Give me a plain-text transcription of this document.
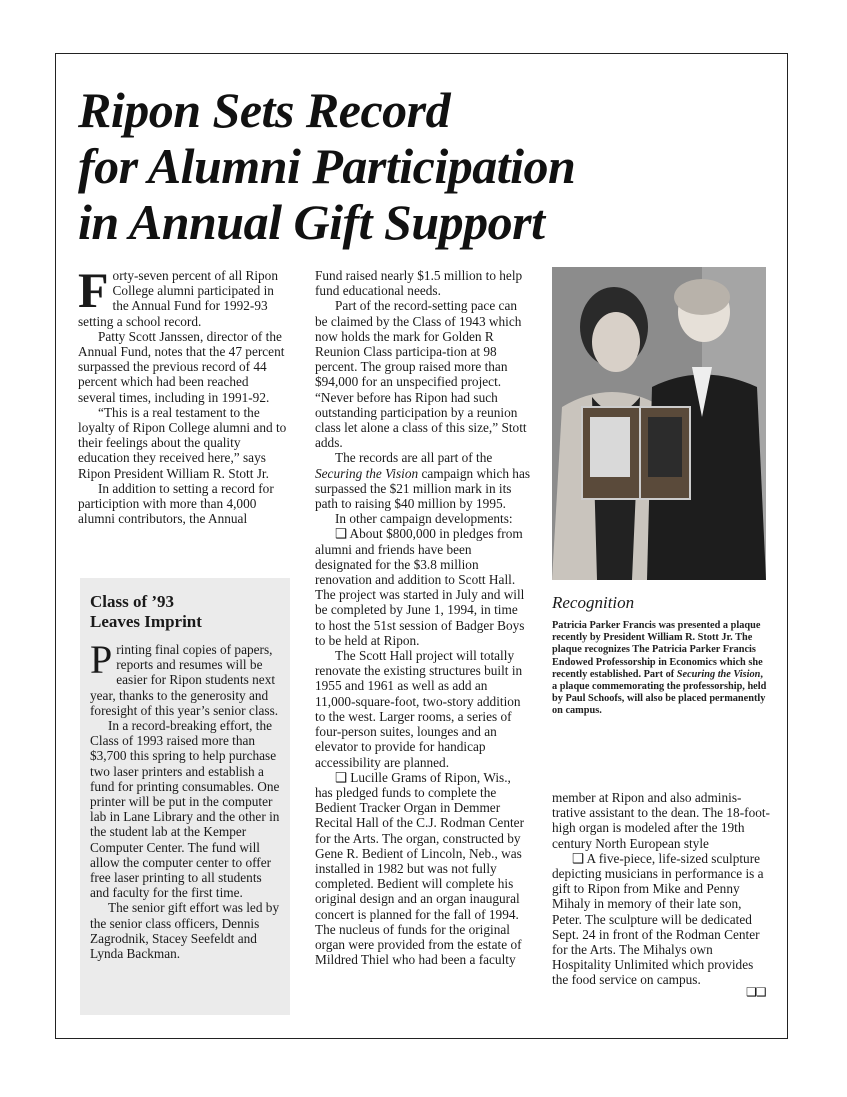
Ripon Sets Record
for Alumni Participation
in Annual Gift Support

Forty-seven percent of all Ripon College alumni participated in the Annual Fund for 1992-93 setting a school record.

Patty Scott Janssen, director of the Annual Fund, notes that the 47 percent surpassed the previous record of 44 percent which had been reached several times, including in 1991-92.

“This is a real testament to the loyalty of Ripon College alumni and to their feelings about the quality education they received here,” says Ripon President William R. Stott Jr.

In addition to setting a record for particiption with more than 4,000 alumni contributors, the Annual

Class of ’93
Leaves Imprint

Printing final copies of papers, reports and resumes will be easier for Ripon students next year, thanks to the generosity and foresight of this year’s senior class.

In a record-breaking effort, the Class of 1993 raised more than $3,700 this spring to help purchase two laser printers and establish a fund for printing consumables. One printer will be put in the computer lab in Lane Library and the other in the student lab at the Kemper Computer Center. The fund will allow the computer center to offer free laser printing to all students and faculty for the first time.

The senior gift effort was led by the senior class officers, Dennis Zagrodnik, Stacey Seefeldt and Lynda Backman.

Fund raised nearly $1.5 million to help fund educational needs.

Part of the record-setting pace can be claimed by the Class of 1943 which now holds the mark for Golden R Reunion Class participa-tion at 98 percent. The group raised more than $94,000 for an unspecified project. “Never before has Ripon had such outstanding participation by a reunion class let alone a class of this size,” Stott adds.

The records are all part of the Securing the Vision campaign which has surpassed the $21 million mark in its path to raising $40 million by 1995.

In other campaign developments:

❑ About $800,000 in pledges from alumni and friends have been designated for the $3.8 million renovation and addition to Scott Hall. The project was started in July and will be completed by June 1, 1994, in time to host the 51st session of Badger Boys to be held at Ripon.

The Scott Hall project will totally renovate the existing structures built in 1955 and 1961 as well as add an 11,000-square-foot, two-story addition to the west. Larger rooms, a series of four-person suites, lounges and an elevator to provide for handicap accessibility are planned.

❑ Lucille Grams of Ripon, Wis., has pledged funds to complete the Bedient Tracker Organ in Demmer Recital Hall of the C.J. Rodman Center for the Arts. The organ, constructed by Gene R. Bedient of Lincoln, Neb., was installed in 1982 but was not fully completed. Bedient will complete his original design and an organ inaugural concert is planned for the fall of 1994. The nucleus of funds for the original organ were provided from the estate of Mildred Thiel who had been a faculty

Recognition
Patricia Parker Francis was presented a plaque recently by President William R. Stott Jr. The plaque recognizes The Patricia Parker Francis Endowed Professorship in Economics which she recently established. Part of Securing the Vision, a plaque commemorating the professorship, held by Paul Schoofs, will also be placed permanently on campus.

member at Ripon and also adminis-trative assistant to the dean. The 18-foot-high organ is modeled after the 19th century North European style

❑ A five-piece, life-sized sculpture depicting musicians in performance is a gift to Ripon from Mike and Penny Mihaly in memory of their late son, Peter. The sculpture will be dedicated Sept. 24 in front of the Rodman Center for the Arts. The Mihalys own Hospitality Unlimited which provides the food service on campus.

❑❑
